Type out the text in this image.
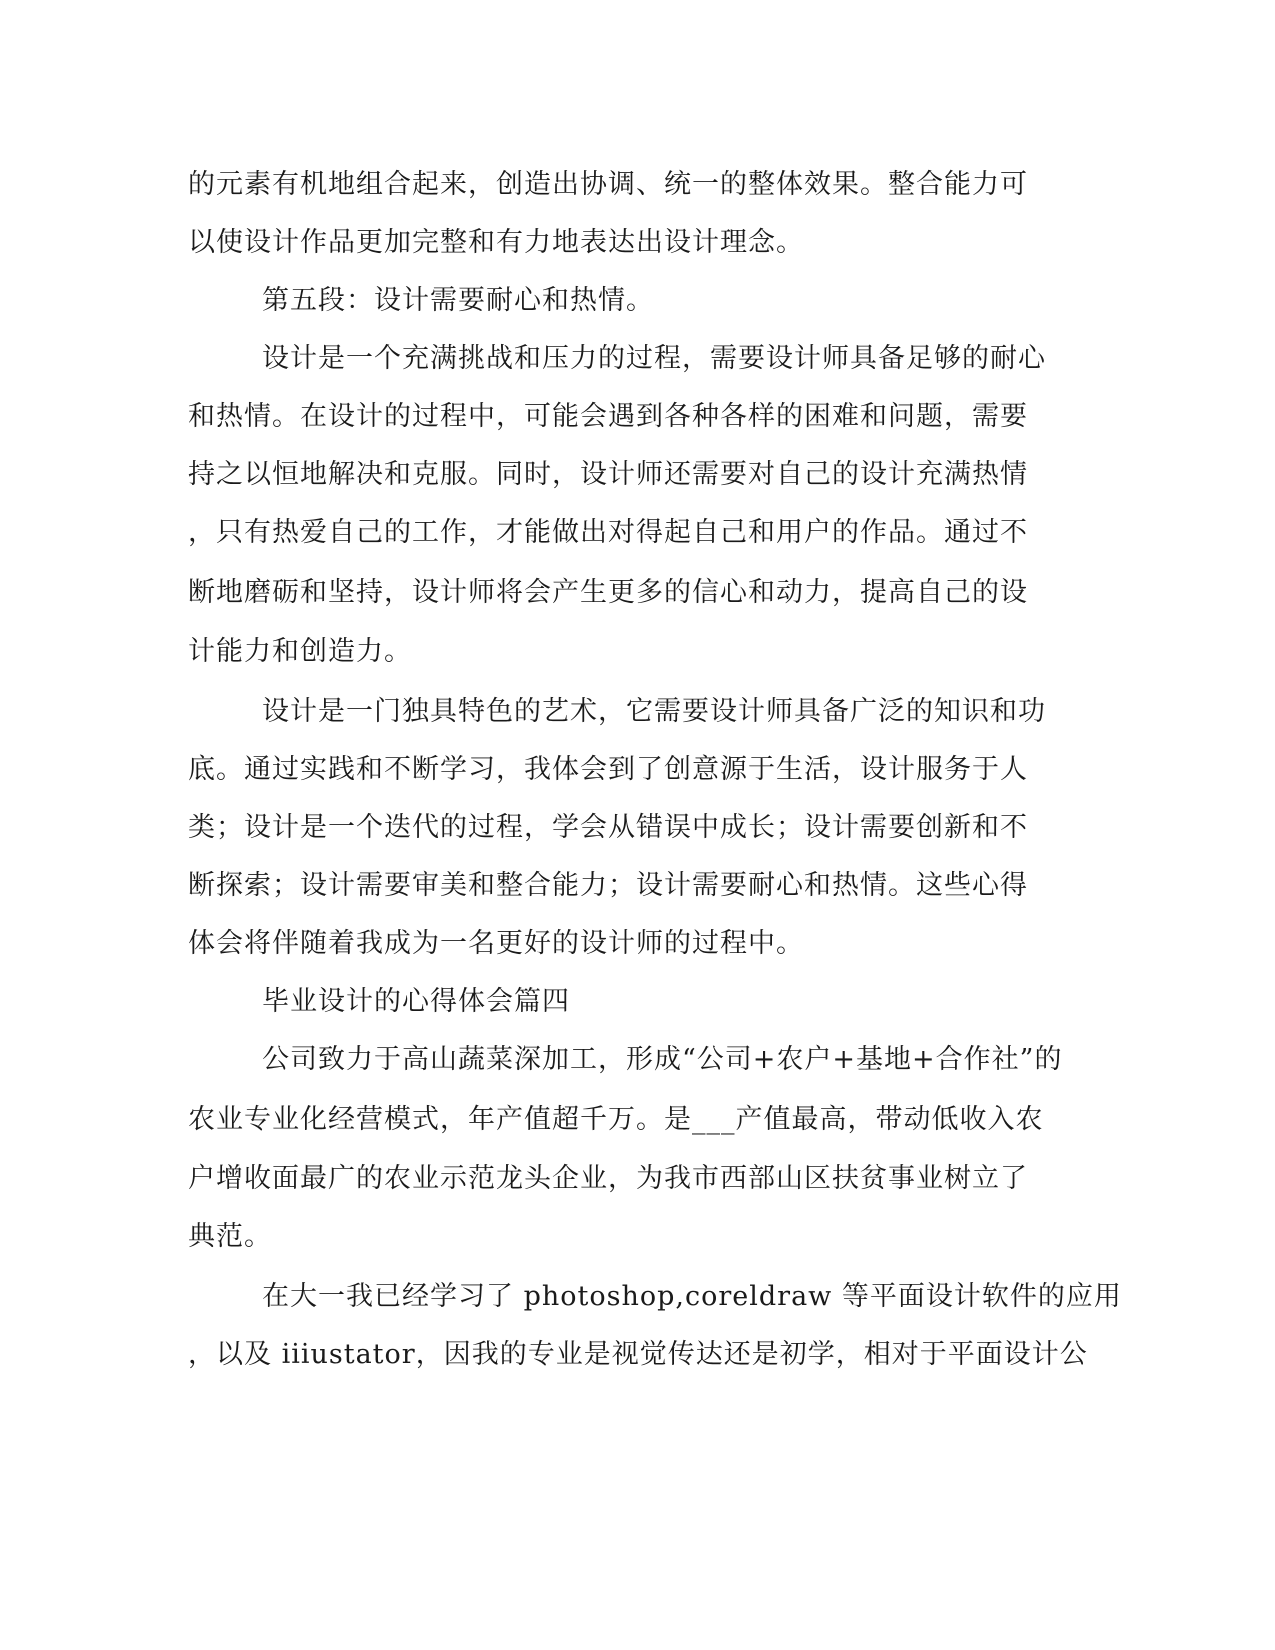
的元素有机地组合起来，创造出协调、统一的整体效果。整合能力可
以使设计作品更加完整和有力地表达出设计理念。
第五段：设计需要耐心和热情。
设计是一个充满挑战和压力的过程，需要设计师具备足够的耐心
和热情。在设计的过程中，可能会遇到各种各样的困难和问题，需要
持之以恒地解决和克服。同时，设计师还需要对自己的设计充满热情
，只有热爱自己的工作，才能做出对得起自己和用户的作品。通过不
断地磨砺和坚持，设计师将会产生更多的信心和动力，提高自己的设
计能力和创造力。
设计是一门独具特色的艺术，它需要设计师具备广泛的知识和功
底。通过实践和不断学习，我体会到了创意源于生活，设计服务于人
类；设计是一个迭代的过程，学会从错误中成长；设计需要创新和不
断探索；设计需要审美和整合能力；设计需要耐心和热情。这些心得
体会将伴随着我成为一名更好的设计师的过程中。
毕业设计的心得体会篇四
公司致力于高山蔬菜深加工，形成“公司+农户+基地+合作社”的
农业专业化经营模式，年产值超千万。是___产值最高，带动低收入农
户增收面最广的农业示范龙头企业，为我市西部山区扶贫事业树立了
典范。
在大一我已经学习了 photoshop,coreldraw 等平面设计软件的应用
，以及 iiiustator，因我的专业是视觉传达还是初学，相对于平面设计公
